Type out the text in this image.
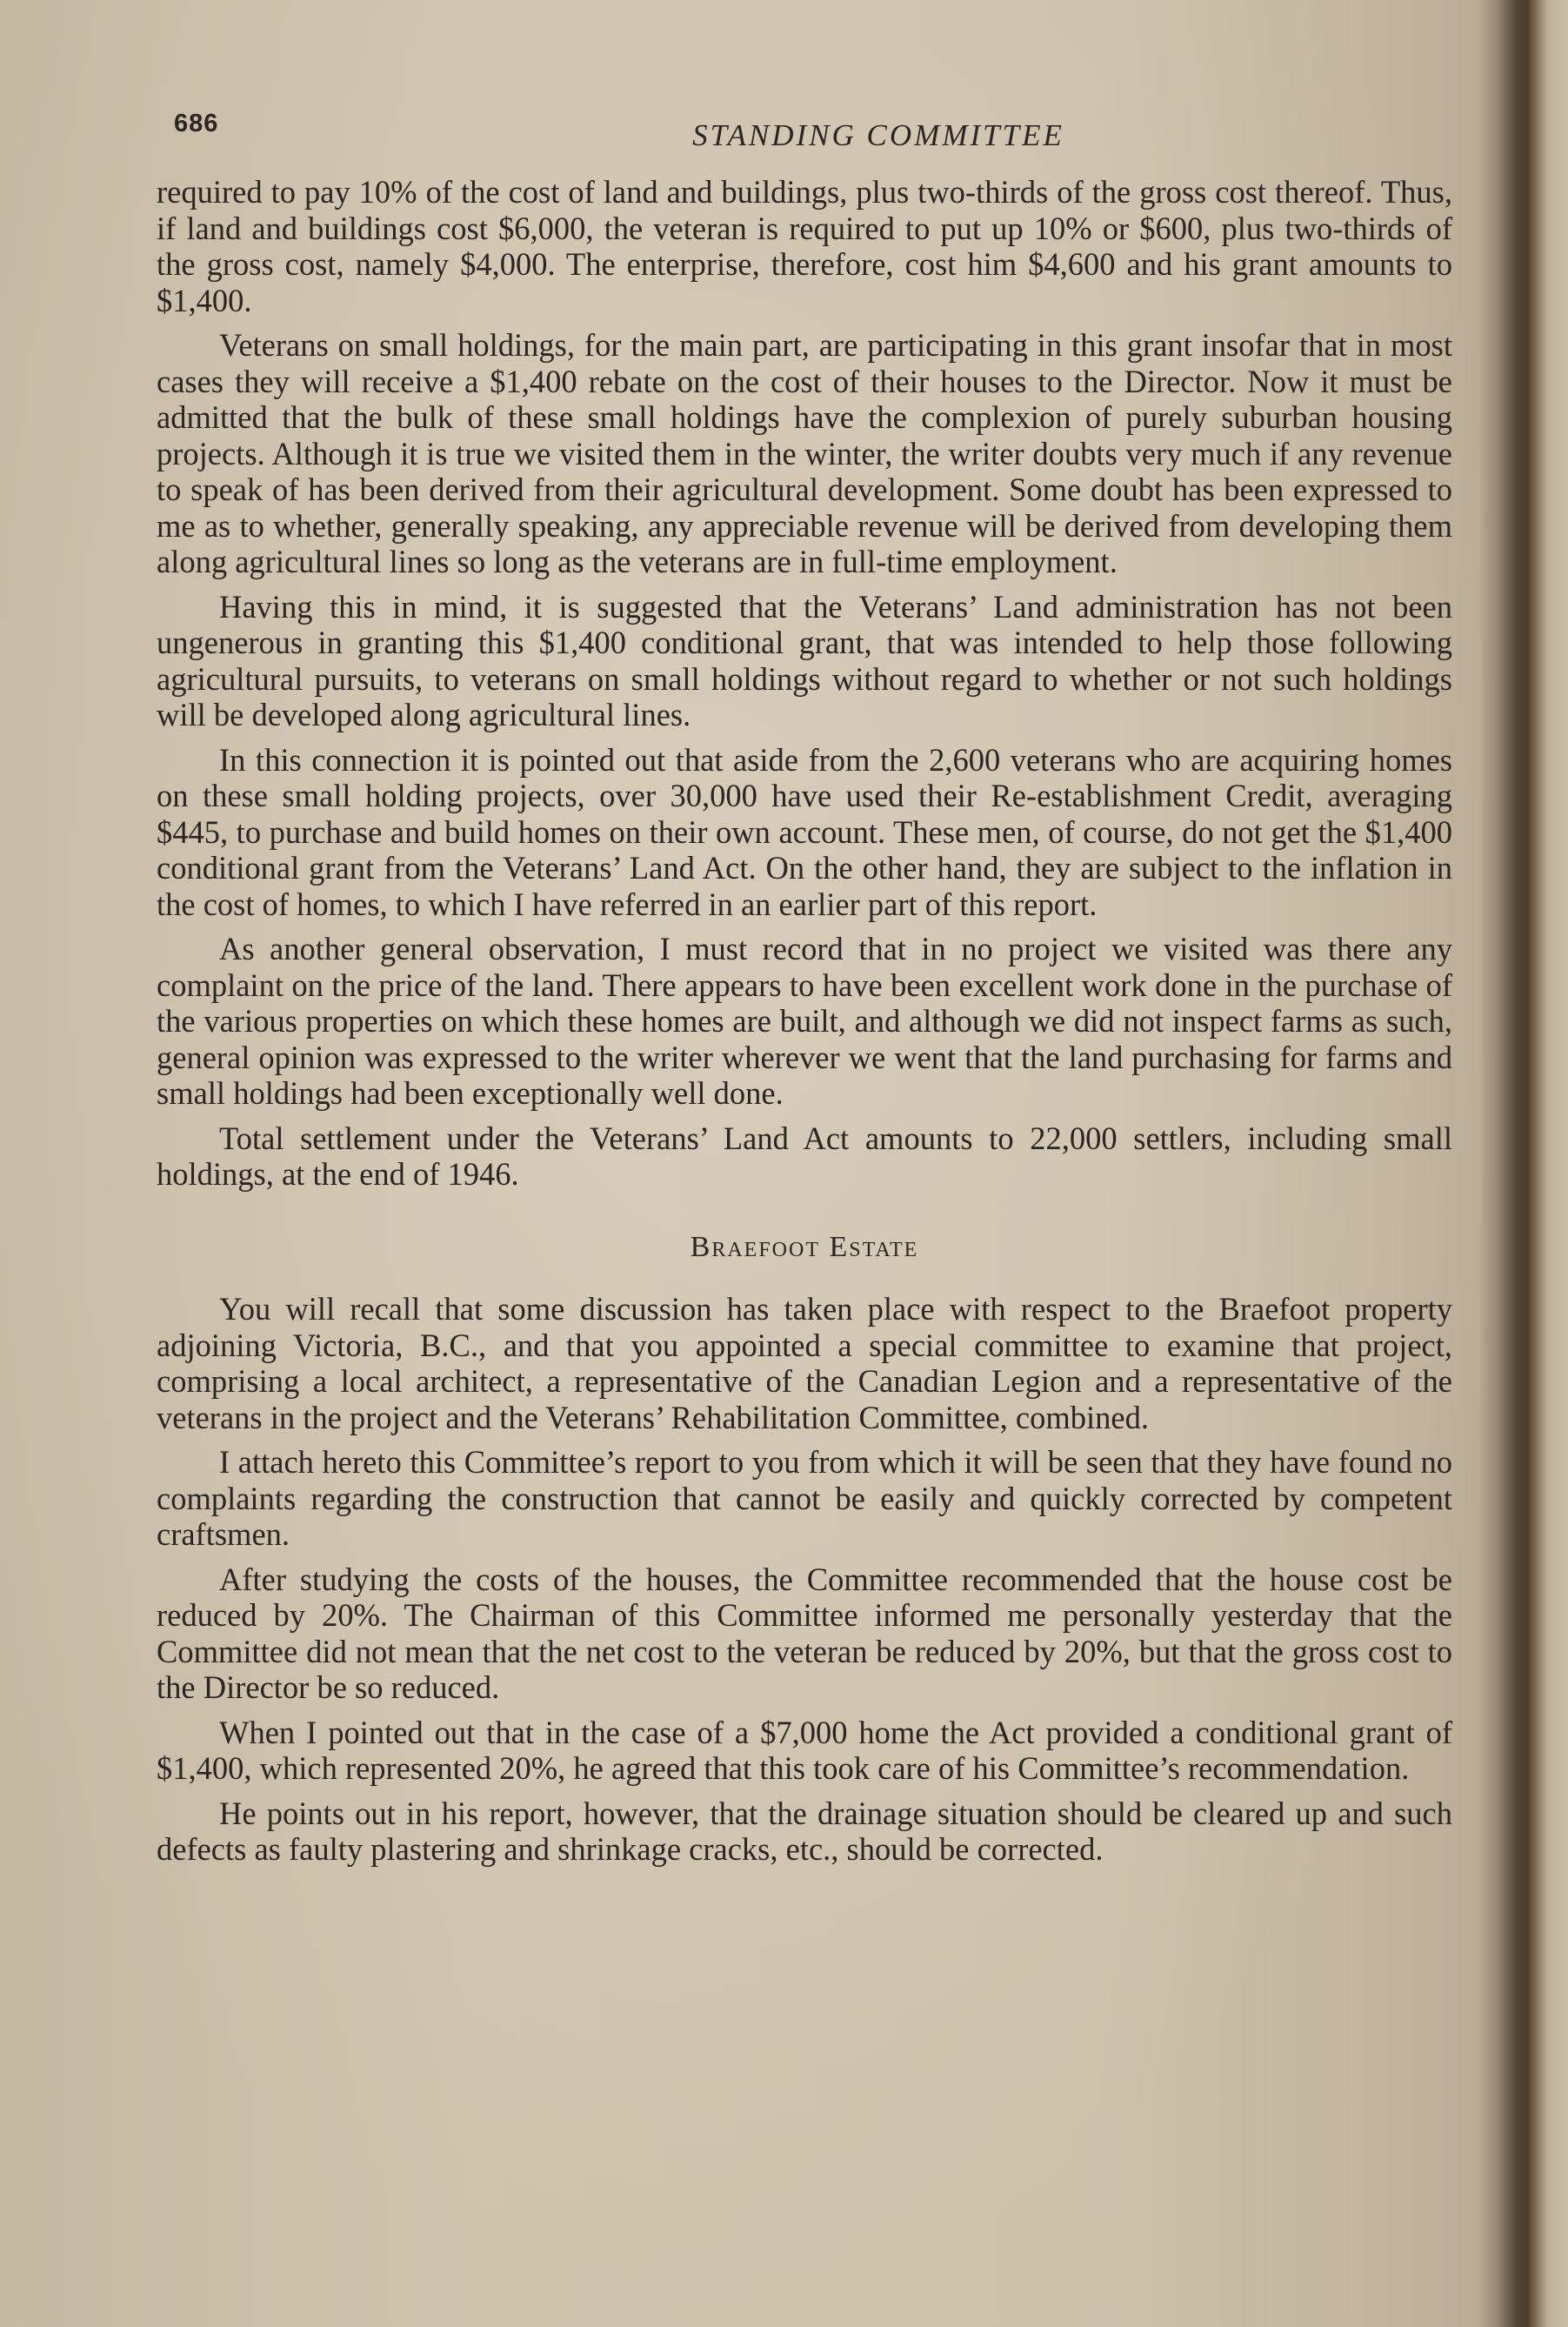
686	STANDING COMMITTEE

required to pay 10% of the cost of land and buildings, plus two-thirds of the gross cost thereof. Thus, if land and buildings cost $6,000, the veteran is required to put up 10% or $600, plus two-thirds of the gross cost, namely $4,000. The enterprise, therefore, cost him $4,600 and his grant amounts to $1,400.

Veterans on small holdings, for the main part, are participating in this grant insofar that in most cases they will receive a $1,400 rebate on the cost of their houses to the Director. Now it must be admitted that the bulk of these small holdings have the complexion of purely suburban housing projects. Although it is true we visited them in the winter, the writer doubts very much if any revenue to speak of has been derived from their agricultural development. Some doubt has been expressed to me as to whether, generally speaking, any appreciable revenue will be derived from developing them along agricultural lines so long as the veterans are in full-time employment.

Having this in mind, it is suggested that the Veterans’ Land administration has not been ungenerous in granting this $1,400 conditional grant, that was intended to help those following agricultural pursuits, to veterans on small holdings without regard to whether or not such holdings will be developed along agricultural lines.

In this connection it is pointed out that aside from the 2,600 veterans who are acquiring homes on these small holding projects, over 30,000 have used their Re-establishment Credit, averaging $445, to purchase and build homes on their own account. These men, of course, do not get the $1,400 conditional grant from the Veterans’ Land Act. On the other hand, they are subject to the inflation in the cost of homes, to which I have referred in an earlier part of this report.

As another general observation, I must record that in no project we visited was there any complaint on the price of the land. There appears to have been excellent work done in the purchase of the various properties on which these homes are built, and although we did not inspect farms as such, general opinion was expressed to the writer wherever we went that the land purchasing for farms and small holdings had been exceptionally well done.

Total settlement under the Veterans’ Land Act amounts to 22,000 settlers, including small holdings, at the end of 1946.

Braefoot Estate

You will recall that some discussion has taken place with respect to the Braefoot property adjoining Victoria, B.C., and that you appointed a special committee to examine that project, comprising a local architect, a representative of the Canadian Legion and a representative of the veterans in the project and the Veterans’ Rehabilitation Committee, combined.

I attach hereto this Committee’s report to you from which it will be seen that they have found no complaints regarding the construction that cannot be easily and quickly corrected by competent craftsmen.

After studying the costs of the houses, the Committee recommended that the house cost be reduced by 20%. The Chairman of this Committee informed me personally yesterday that the Committee did not mean that the net cost to the veteran be reduced by 20%, but that the gross cost to the Director be so reduced.

When I pointed out that in the case of a $7,000 home the Act provided a conditional grant of $1,400, which represented 20%, he agreed that this took care of his Committee’s recommendation.

He points out in his report, however, that the drainage situation should be cleared up and such defects as faulty plastering and shrinkage cracks, etc., should be corrected.
